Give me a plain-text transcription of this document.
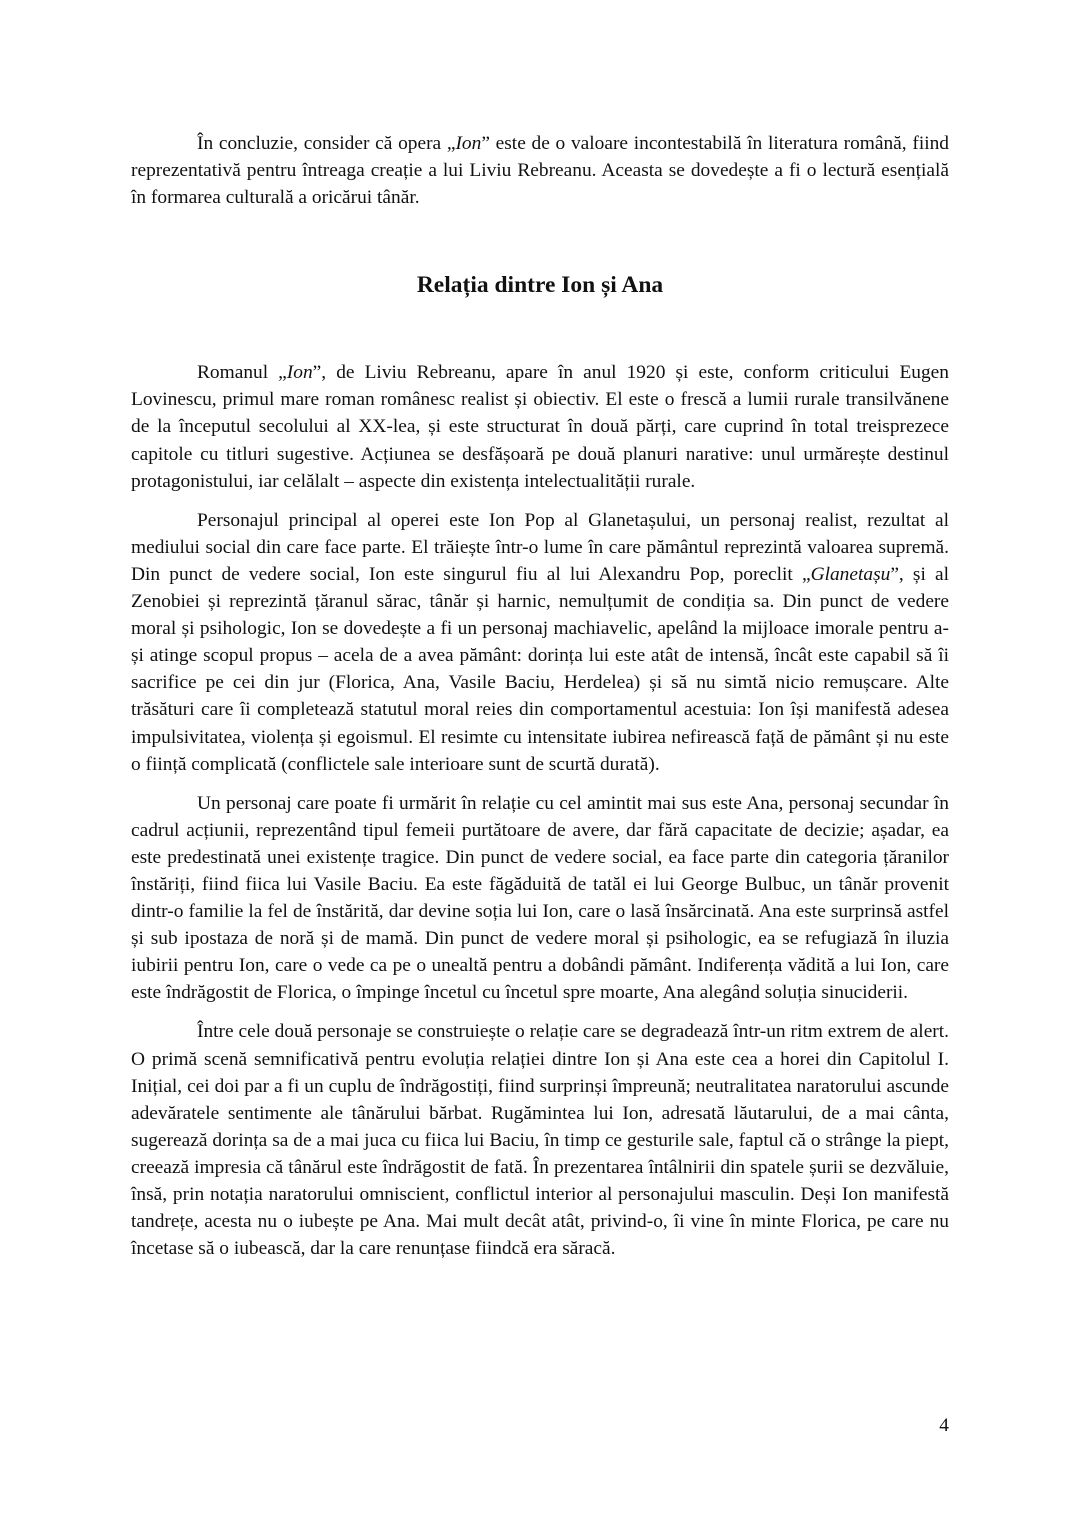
În concluzie, consider că opera „Ion” este de o valoare incontestabilă în literatura română, fiind reprezentativă pentru întreaga creație a lui Liviu Rebreanu. Aceasta se dovedește a fi o lectură esențială în formarea culturală a oricărui tânăr.

Relația dintre Ion și Ana

Romanul „Ion”, de Liviu Rebreanu, apare în anul 1920 și este, conform criticului Eugen Lovinescu, primul mare roman românesc realist și obiectiv. El este o frescă a lumii rurale transilvănene de la începutul secolului al XX-lea, și este structurat în două părți, care cuprind în total treisprezece capitole cu titluri sugestive. Acțiunea se desfășoară pe două planuri narative: unul urmărește destinul protagonistului, iar celălalt – aspecte din existența intelectualității rurale.

Personajul principal al operei este Ion Pop al Glanetașului, un personaj realist, rezultat al mediului social din care face parte. El trăiește într-o lume în care pământul reprezintă valoarea supremă. Din punct de vedere social, Ion este singurul fiu al lui Alexandru Pop, poreclit „Glanetașu”, și al Zenobiei și reprezintă țăranul sărac, tânăr și harnic, nemulțumit de condiția sa. Din punct de vedere moral și psihologic, Ion se dovedește a fi un personaj machiavelic, apelând la mijloace imorale pentru a-și atinge scopul propus – acela de a avea pământ: dorința lui este atât de intensă, încât este capabil să îi sacrifice pe cei din jur (Florica, Ana, Vasile Baciu, Herdelea) și să nu simtă nicio remușcare. Alte trăsături care îi completează statutul moral reies din comportamentul acestuia: Ion își manifestă adesea impulsivitatea, violența și egoismul. El resimte cu intensitate iubirea nefirească față de pământ și nu este o ființă complicată (conflictele sale interioare sunt de scurtă durată).

Un personaj care poate fi urmărit în relație cu cel amintit mai sus este Ana, personaj secundar în cadrul acțiunii, reprezentând tipul femeii purtătoare de avere, dar fără capacitate de decizie; așadar, ea este predestinată unei existențe tragice. Din punct de vedere social, ea face parte din categoria țăranilor înstăriți, fiind fiica lui Vasile Baciu. Ea este făgăduită de tatăl ei lui George Bulbuc, un tânăr provenit dintr-o familie la fel de înstărită, dar devine soția lui Ion, care o lasă însărcinată. Ana este surprinsă astfel și sub ipostaza de noră și de mamă. Din punct de vedere moral și psihologic, ea se refugiază în iluzia iubirii pentru Ion, care o vede ca pe o unealtă pentru a dobândi pământ. Indiferența vădită a lui Ion, care este îndrăgostit de Florica, o împinge încetul cu încetul spre moarte, Ana alegând soluția sinuciderii.

Între cele două personaje se construiește o relație care se degradează într-un ritm extrem de alert. O primă scenă semnificativă pentru evoluția relației dintre Ion și Ana este cea a horei din Capitolul I. Inițial, cei doi par a fi un cuplu de îndrăgostiți, fiind surprinși împreună; neutralitatea naratorului ascunde adevăratele sentimente ale tânărului bărbat. Rugămintea lui Ion, adresată lăutarului, de a mai cânta, sugerează dorința sa de a mai juca cu fiica lui Baciu, în timp ce gesturile sale, faptul că o strânge la piept, creează impresia că tânărul este îndrăgostit de fată. În prezentarea întâlnirii din spatele șurii se dezvăluie, însă, prin notația naratorului omniscient, conflictul interior al personajului masculin. Deși Ion manifestă tandrețe, acesta nu o iubește pe Ana. Mai mult decât atât, privind-o, îi vine în minte Florica, pe care nu încetase să o iubească, dar la care renunțase fiindcă era săracă.

4
